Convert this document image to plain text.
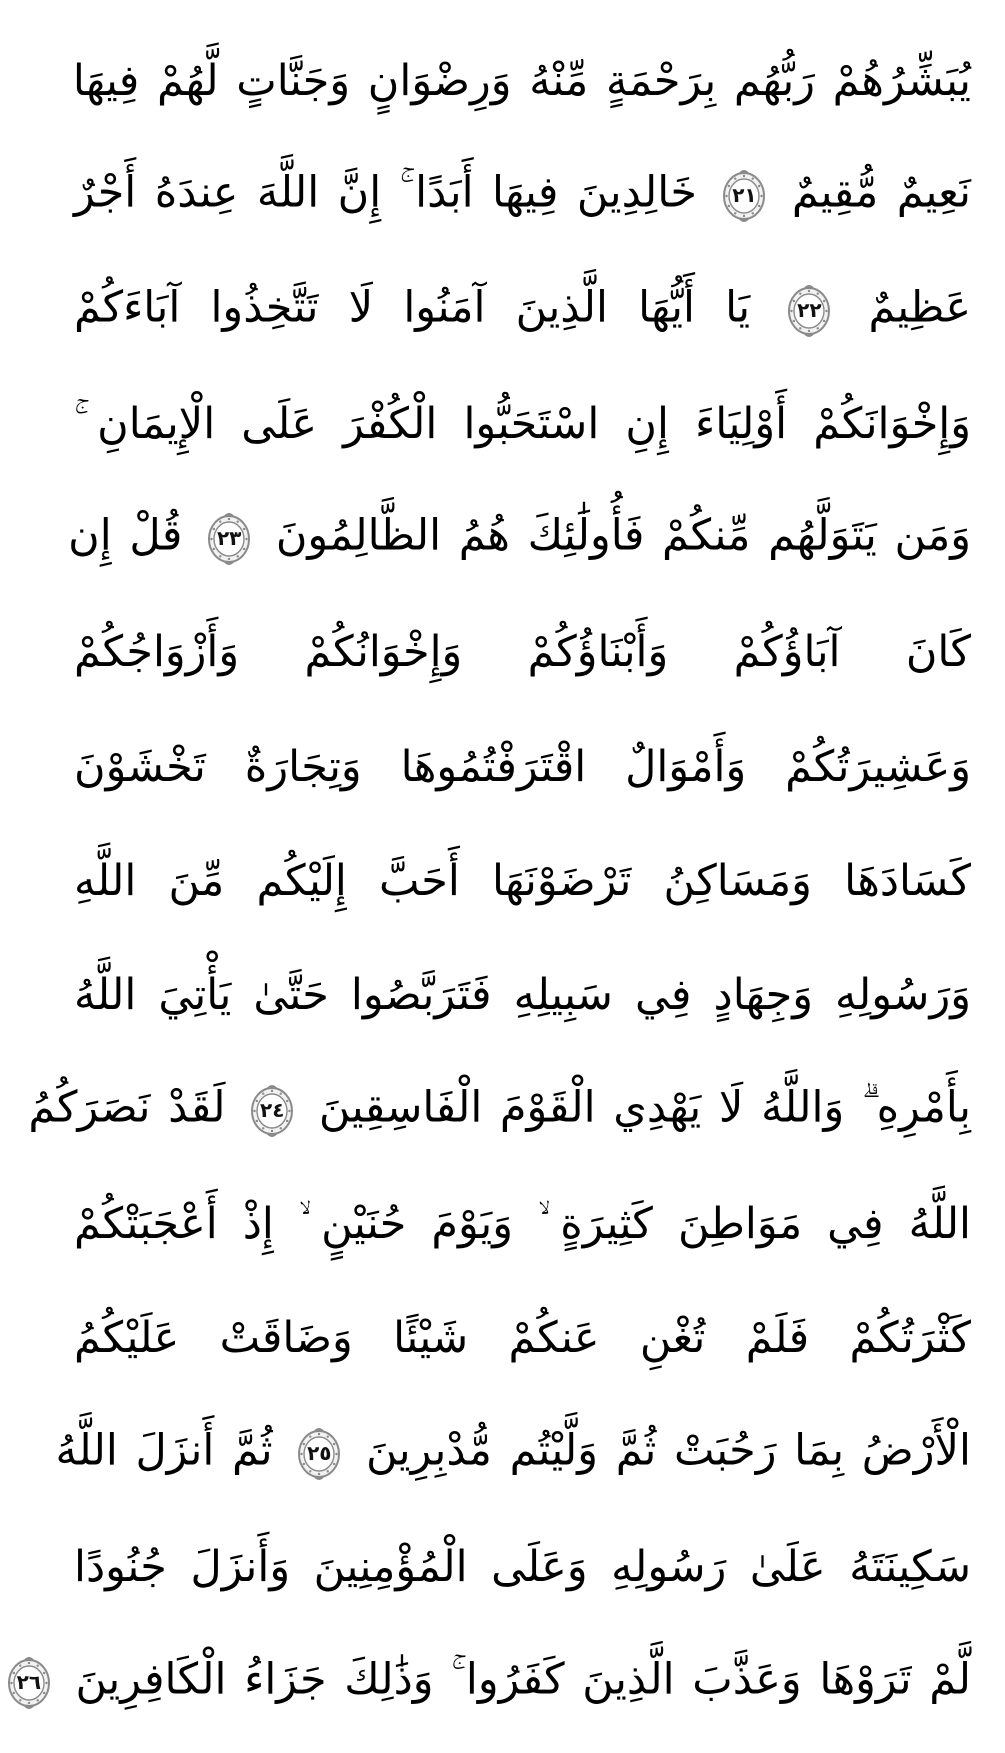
يُبَشِّرُهُمْ رَبُّهُم بِرَحْمَةٍ مِّنْهُ وَرِضْوَانٍ وَجَنَّاتٍ لَّهُمْ فِيهَا
نَعِيمٌ مُّقِيمٌ
٢١
خَالِدِينَ فِيهَا أَبَدًا ۚ إِنَّ اللَّهَ عِندَهُ أَجْرٌ
عَظِيمٌ
٢٢
يَا أَيُّهَا الَّذِينَ آمَنُوا لَا تَتَّخِذُوا آبَاءَكُمْ
وَإِخْوَانَكُمْ أَوْلِيَاءَ إِنِ اسْتَحَبُّوا الْكُفْرَ عَلَى الْإِيمَانِ ۚ
وَمَن يَتَوَلَّهُم مِّنكُمْ فَأُولَٰئِكَ هُمُ الظَّالِمُونَ
٢٣
قُلْ إِن
كَانَ آبَاؤُكُمْ وَأَبْنَاؤُكُمْ وَإِخْوَانُكُمْ وَأَزْوَاجُكُمْ
وَعَشِيرَتُكُمْ وَأَمْوَالٌ اقْتَرَفْتُمُوهَا وَتِجَارَةٌ تَخْشَوْنَ
كَسَادَهَا وَمَسَاكِنُ تَرْضَوْنَهَا أَحَبَّ إِلَيْكُم مِّنَ اللَّهِ
وَرَسُولِهِ وَجِهَادٍ فِي سَبِيلِهِ فَتَرَبَّصُوا حَتَّىٰ يَأْتِيَ اللَّهُ
بِأَمْرِهِ ۗ وَاللَّهُ لَا يَهْدِي الْقَوْمَ الْفَاسِقِينَ
٢٤
لَقَدْ نَصَرَكُمُ
اللَّهُ فِي مَوَاطِنَ كَثِيرَةٍ ۙ وَيَوْمَ حُنَيْنٍ ۙ إِذْ أَعْجَبَتْكُمْ
كَثْرَتُكُمْ فَلَمْ تُغْنِ عَنكُمْ شَيْئًا وَضَاقَتْ عَلَيْكُمُ
الْأَرْضُ بِمَا رَحُبَتْ ثُمَّ وَلَّيْتُم مُّدْبِرِينَ
٢٥
ثُمَّ أَنزَلَ اللَّهُ
سَكِينَتَهُ عَلَىٰ رَسُولِهِ وَعَلَى الْمُؤْمِنِينَ وَأَنزَلَ جُنُودًا
لَّمْ تَرَوْهَا وَعَذَّبَ الَّذِينَ كَفَرُوا ۚ وَذَٰلِكَ جَزَاءُ الْكَافِرِينَ
٢٦
